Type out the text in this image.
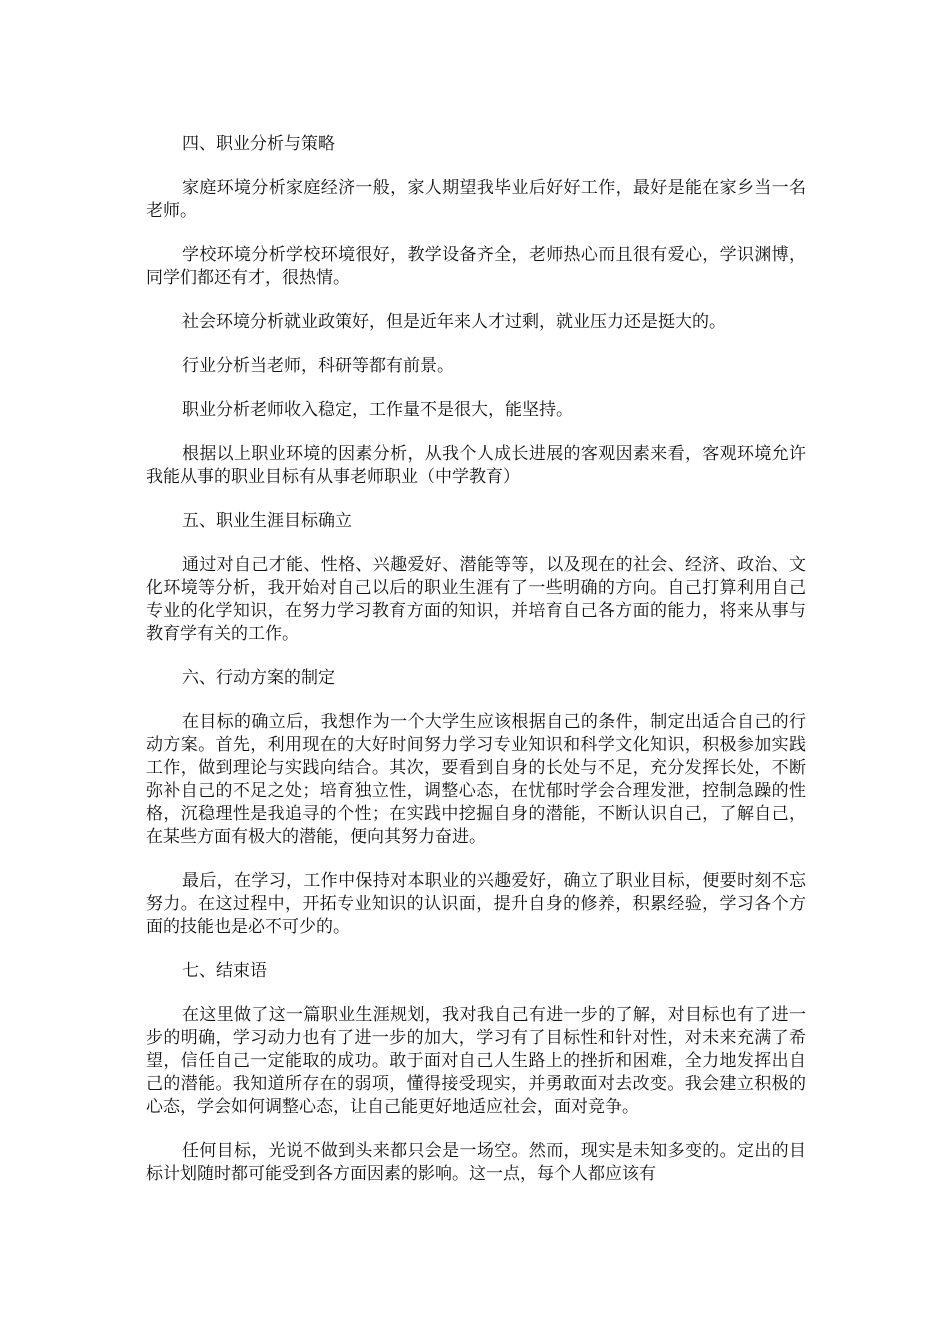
四、职业分析与策略

家庭环境分析家庭经济一般，家人期望我毕业后好好工作，最好是能在家乡当一名老师。

学校环境分析学校环境很好，教学设备齐全，老师热心而且很有爱心，学识渊博，同学们都还有才，很热情。

社会环境分析就业政策好，但是近年来人才过剩，就业压力还是挺大的。

行业分析当老师，科研等都有前景。

职业分析老师收入稳定，工作量不是很大，能坚持。

根据以上职业环境的因素分析，从我个人成长进展的客观因素来看，客观环境允许我能从事的职业目标有从事老师职业（中学教育）

五、职业生涯目标确立

通过对自己才能、性格、兴趣爱好、潜能等等，以及现在的社会、经济、政治、文化环境等分析，我开始对自己以后的职业生涯有了一些明确的方向。自己打算利用自己专业的化学知识，在努力学习教育方面的知识，并培育自己各方面的能力，将来从事与教育学有关的工作。

六、行动方案的制定

在目标的确立后，我想作为一个大学生应该根据自己的条件，制定出适合自己的行动方案。首先，利用现在的大好时间努力学习专业知识和科学文化知识，积极参加实践工作，做到理论与实践向结合。其次，要看到自身的长处与不足，充分发挥长处，不断弥补自己的不足之处；培育独立性，调整心态，在忧郁时学会合理发泄，控制急躁的性格，沉稳理性是我追寻的个性；在实践中挖掘自身的潜能，不断认识自己，了解自己，在某些方面有极大的潜能，便向其努力奋进。

最后，在学习，工作中保持对本职业的兴趣爱好，确立了职业目标，便要时刻不忘努力。在这过程中，开拓专业知识的认识面，提升自身的修养，积累经验，学习各个方面的技能也是必不可少的。

七、结束语

在这里做了这一篇职业生涯规划，我对我自己有进一步的了解，对目标也有了进一步的明确，学习动力也有了进一步的加大，学习有了目标性和针对性，对未来充满了希望，信任自己一定能取的成功。敢于面对自己人生路上的挫折和困难，全力地发挥出自己的潜能。我知道所存在的弱项，懂得接受现实，并勇敢面对去改变。我会建立积极的心态，学会如何调整心态，让自己能更好地适应社会，面对竞争。

任何目标，光说不做到头来都只会是一场空。然而，现实是未知多变的。定出的目标计划随时都可能受到各方面因素的影响。这一点，每个人都应该有
